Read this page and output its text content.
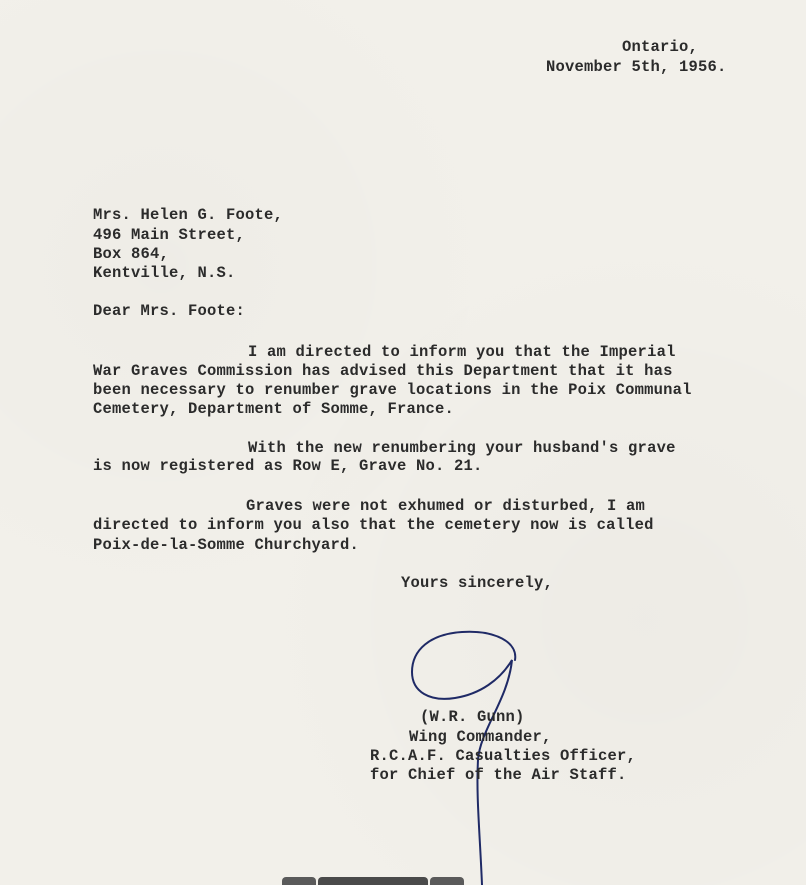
Ontario,
November 5th, 1956.
Mrs. Helen G. Foote,
496 Main Street,
Box 864,
Kentville, N.S.
Dear Mrs. Foote:
I am directed to inform you that the Imperial
War Graves Commission has advised this Department that it has
been necessary to renumber grave locations in the Poix Communal
Cemetery, Department of Somme, France.
With the new renumbering your husband's grave
is now registered as Row E, Grave No. 21.
Graves were not exhumed or disturbed, I am
directed to inform you also that the cemetery now is called
Poix-de-la-Somme Churchyard.
Yours sincerely,
(W.R. Gunn)
Wing Commander,
R.C.A.F. Casualties Officer,
for Chief of the Air Staff.
